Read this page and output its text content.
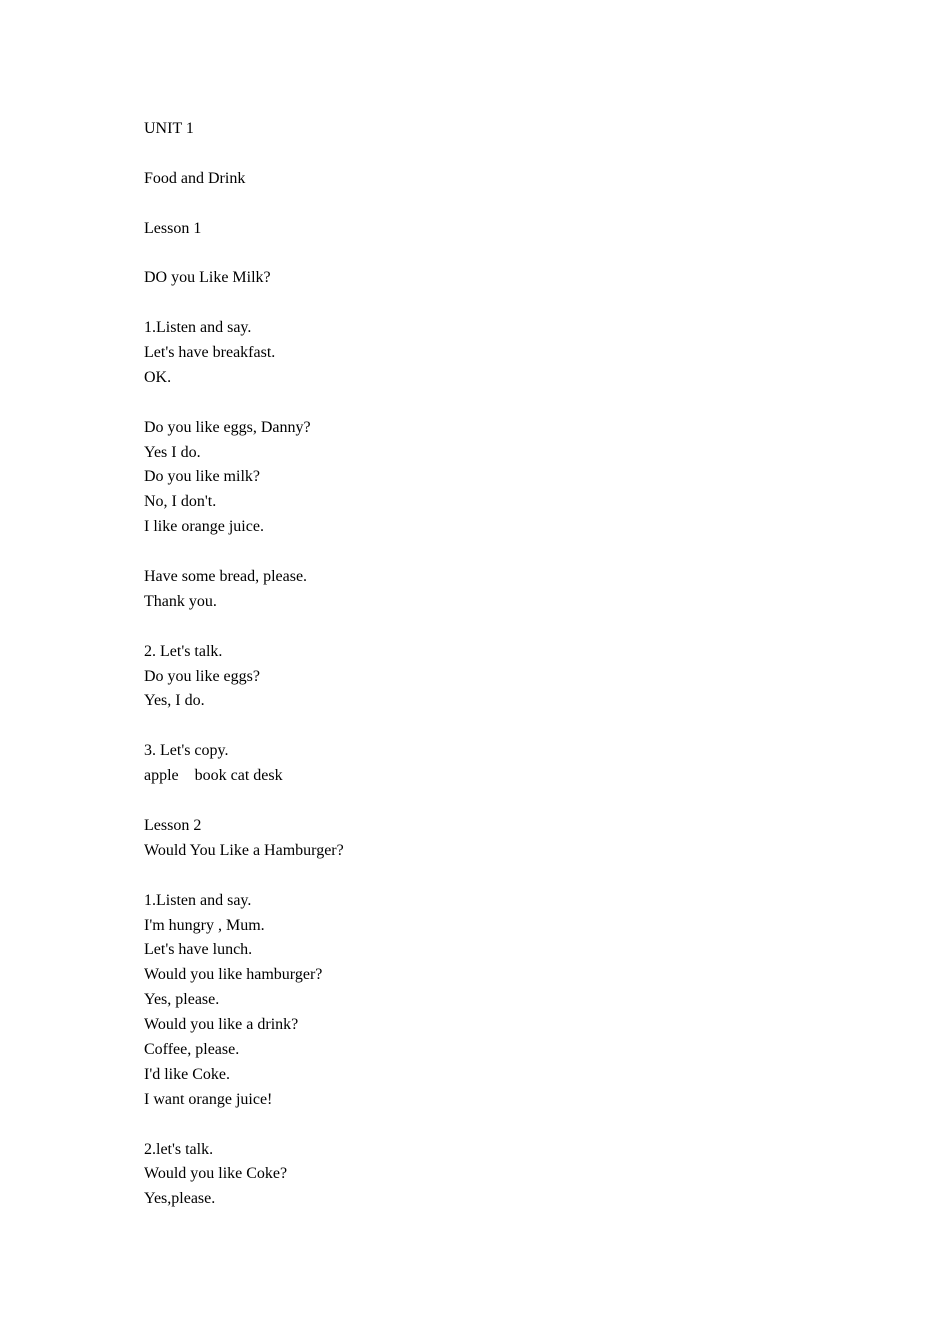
UNIT 1
Food and Drink
Lesson 1
DO you Like Milk?
1.Listen and say.
Let's have breakfast.
OK.
Do you like eggs, Danny?
Yes I do.
Do you like milk?
No, I don't.
I like orange juice.
Have some bread, please.
Thank you.
2. Let's talk.
Do you like eggs?
Yes, I do.
3. Let's copy.
apple    book cat desk
Lesson 2
Would You Like a Hamburger?
1.Listen and say.
I'm hungry , Mum.
Let's have lunch.
Would you like hamburger?
Yes, please.
Would you like a drink?
Coffee, please.
I'd like Coke.
I want orange juice!
2.let's talk.
Would you like Coke?
Yes,please.
